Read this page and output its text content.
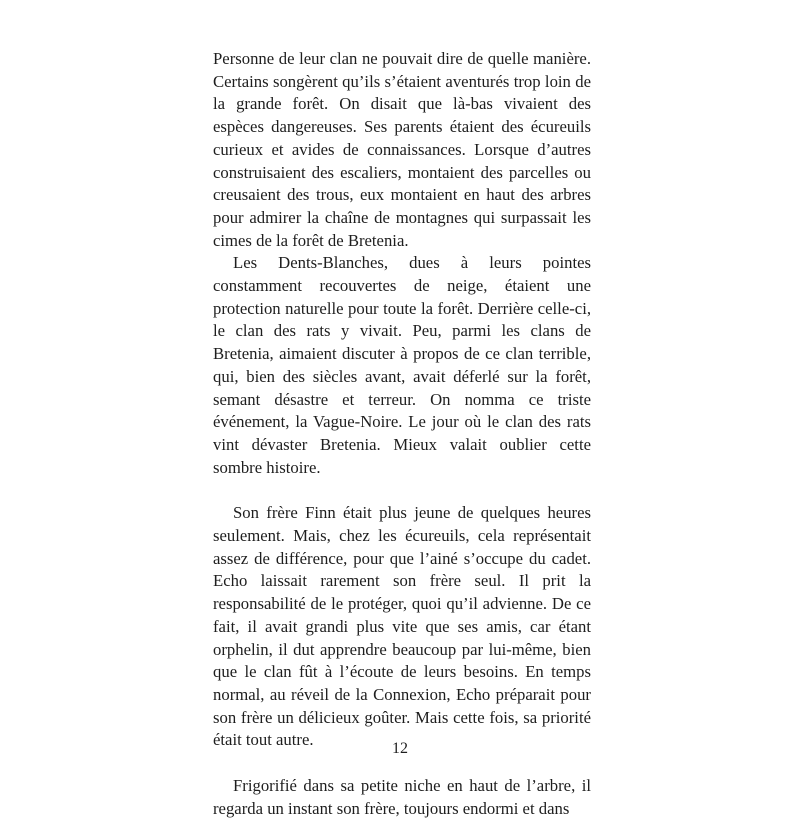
Personne de leur clan ne pouvait dire de quelle manière. Certains songèrent qu’ils s’étaient aventurés trop loin de la grande forêt. On disait que là-bas vivaient des espèces dangereuses. Ses parents étaient des écureuils curieux et avides de connaissances. Lorsque d’autres construisaient des escaliers, montaient des parcelles ou creusaient des trous, eux montaient en haut des arbres pour admirer la chaîne de montagnes qui surpassait les cimes de la forêt de Bretenia.

Les Dents-Blanches, dues à leurs pointes constamment recouvertes de neige, étaient une protection naturelle pour toute la forêt. Derrière celle-ci, le clan des rats y vivait. Peu, parmi les clans de Bretenia, aimaient discuter à propos de ce clan terrible, qui, bien des siècles avant, avait déferlé sur la forêt, semant désastre et terreur. On nomma ce triste événement, la Vague-Noire. Le jour où le clan des rats vint dévaster Bretenia. Mieux valait oublier cette sombre histoire.

Son frère Finn était plus jeune de quelques heures seulement. Mais, chez les écureuils, cela représentait assez de différence, pour que l’ainé s’occupe du cadet. Echo laissait rarement son frère seul. Il prit la responsabilité de le protéger, quoi qu’il advienne. De ce fait, il avait grandi plus vite que ses amis, car étant orphelin, il dut apprendre beaucoup par lui-même, bien que le clan fût à l’écoute de leurs besoins. En temps normal, au réveil de la Connexion, Echo préparait pour son frère un délicieux goûter. Mais cette fois, sa priorité était tout autre.

Frigorifié dans sa petite niche en haut de l’arbre, il regarda un instant son frère, toujours endormi et dans

12
